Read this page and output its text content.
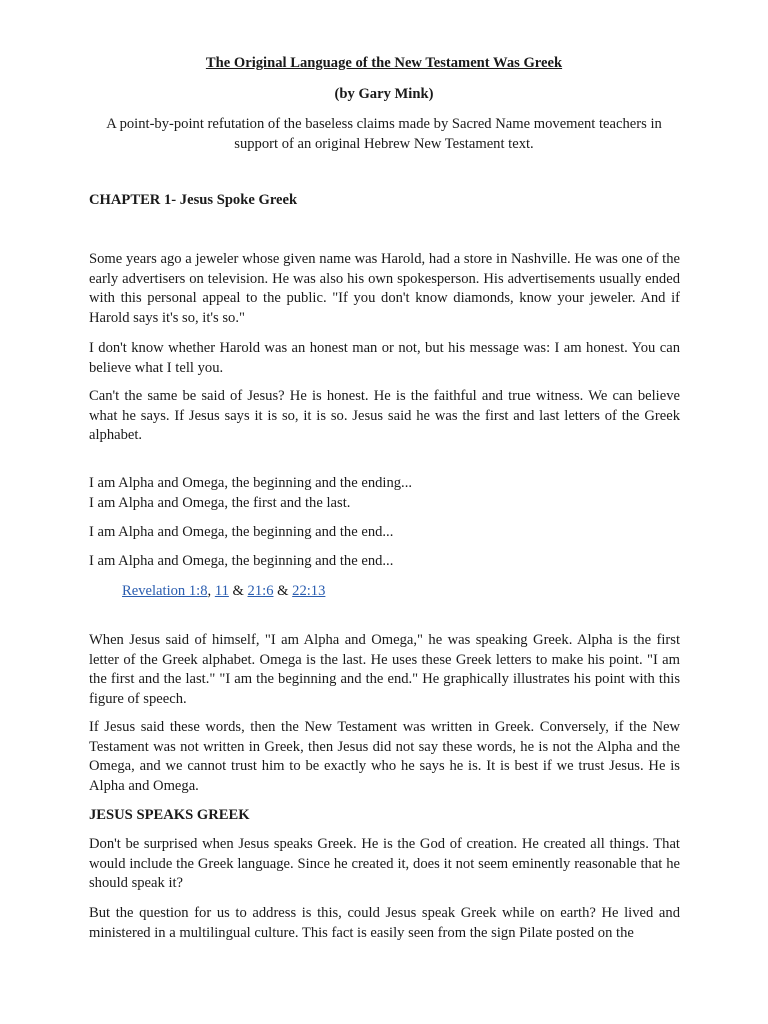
The Original Language of the New Testament Was Greek
(by Gary Mink)
A point-by-point refutation of the baseless claims made by Sacred Name movement teachers in support of an original Hebrew New Testament text.
CHAPTER 1- Jesus Spoke Greek

Some years ago a jeweler whose given name was Harold, had a store in Nashville. He was one of the early advertisers on television. He was also his own spokesperson. His advertisements usually ended with this personal appeal to the public. "If you don't know diamonds, know your jeweler. And if Harold says it's so, it's so."

I don't know whether Harold was an honest man or not, but his message was: I am honest. You can believe what I tell you.

Can't the same be said of Jesus? He is honest. He is the faithful and true witness. We can believe what he says. If Jesus says it is so, it is so. Jesus said he was the first and last letters of the Greek alphabet.

I am Alpha and Omega, the beginning and the ending...
I am Alpha and Omega, the first and the last.
I am Alpha and Omega, the beginning and the end...
I am Alpha and Omega, the beginning and the end...
Revelation 1:8, 11 & 21:6 & 22:13

When Jesus said of himself, "I am Alpha and Omega," he was speaking Greek. Alpha is the first letter of the Greek alphabet. Omega is the last. He uses these Greek letters to make his point. "I am the first and the last." "I am the beginning and the end." He graphically illustrates his point with this figure of speech.

If Jesus said these words, then the New Testament was written in Greek. Conversely, if the New Testament was not written in Greek, then Jesus did not say these words, he is not the Alpha and the Omega, and we cannot trust him to be exactly who he says he is. It is best if we trust Jesus. He is Alpha and Omega.

JESUS SPEAKS GREEK

Don't be surprised when Jesus speaks Greek. He is the God of creation. He created all things. That would include the Greek language. Since he created it, does it not seem eminently reasonable that he should speak it?

But the question for us to address is this, could Jesus speak Greek while on earth? He lived and ministered in a multilingual culture. This fact is easily seen from the sign Pilate posted on the
